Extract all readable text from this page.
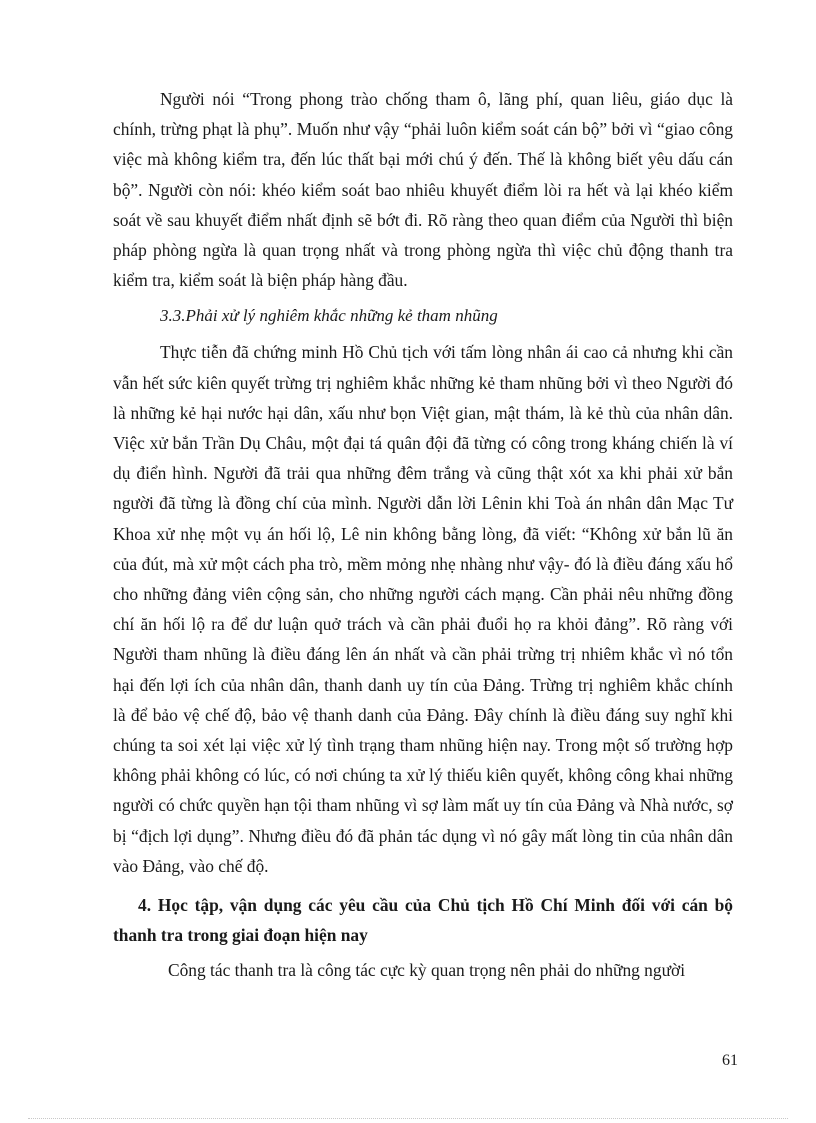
Người nói “Trong phong trào chống tham ô, lãng phí, quan liêu, giáo dục là chính, trừng phạt là phụ”. Muốn như vậy “phải luôn kiểm soát cán bộ” bởi vì “giao công việc mà không kiểm tra, đến lúc thất bại mới chú ý đến. Thế là không biết yêu dấu cán bộ”. Người còn nói: khéo kiểm soát bao nhiêu khuyết điểm lòi ra hết và lại khéo kiểm soát về sau khuyết điểm nhất định sẽ bớt đi. Rõ ràng theo quan điểm của Người thì biện pháp phòng ngừa là quan trọng nhất và trong phòng ngừa thì việc chủ động thanh tra kiểm tra, kiểm soát là biện pháp hàng đầu.

3.3.Phải xử lý nghiêm khắc những kẻ tham nhũng

Thực tiễn đã chứng minh Hồ Chủ tịch với tấm lòng nhân ái cao cả nhưng khi cần vẫn hết sức kiên quyết trừng trị nghiêm khắc những kẻ tham nhũng bởi vì theo Người đó là những kẻ hại nước hại dân, xấu như bọn Việt gian, mật thám, là kẻ thù của nhân dân. Việc xử bắn Trần Dụ Châu, một đại tá quân đội đã từng có công trong kháng chiến là ví dụ điển hình. Người đã trải qua những đêm trắng và cũng thật xót xa khi phải xử bắn người đã từng là đồng chí của mình. Người dẫn lời Lênin khi Toà án nhân dân Mạc Tư Khoa xử nhẹ một vụ án hối lộ, Lê nin không bằng lòng, đã viết: “Không xử bắn lũ ăn của đút, mà xử một cách pha trò, mềm mỏng nhẹ nhàng như vậy- đó là điều đáng xấu hổ cho những đảng viên cộng sản, cho những người cách mạng. Cần phải nêu những đồng chí ăn hối lộ ra để dư luận quở trách và cần phải đuổi họ ra khỏi đảng”. Rõ ràng với Người tham nhũng là điều đáng lên án nhất và cần phải trừng trị nhiêm khắc vì nó tổn hại đến lợi ích của nhân dân, thanh danh uy tín của Đảng. Trừng trị nghiêm khắc chính là để bảo vệ chế độ, bảo vệ thanh danh của Đảng. Đây chính là điều đáng suy nghĩ khi chúng ta soi xét lại việc xử lý tình trạng tham nhũng hiện nay. Trong một số trường hợp không phải không có lúc, có nơi chúng ta xử lý thiếu kiên quyết, không công khai những người có chức quyền hạn tội tham nhũng vì sợ làm mất uy tín của Đảng và Nhà nước, sợ bị “địch lợi dụng”. Nhưng điều đó đã phản tác dụng vì nó gây mất lòng tin của nhân dân vào Đảng, vào chế độ.

4. Học tập, vận dụng các yêu cầu của Chủ tịch Hồ Chí Minh đối với cán bộ thanh tra trong giai đoạn hiện nay

Công tác thanh tra là công tác cực kỳ quan trọng nên phải do những người

61
